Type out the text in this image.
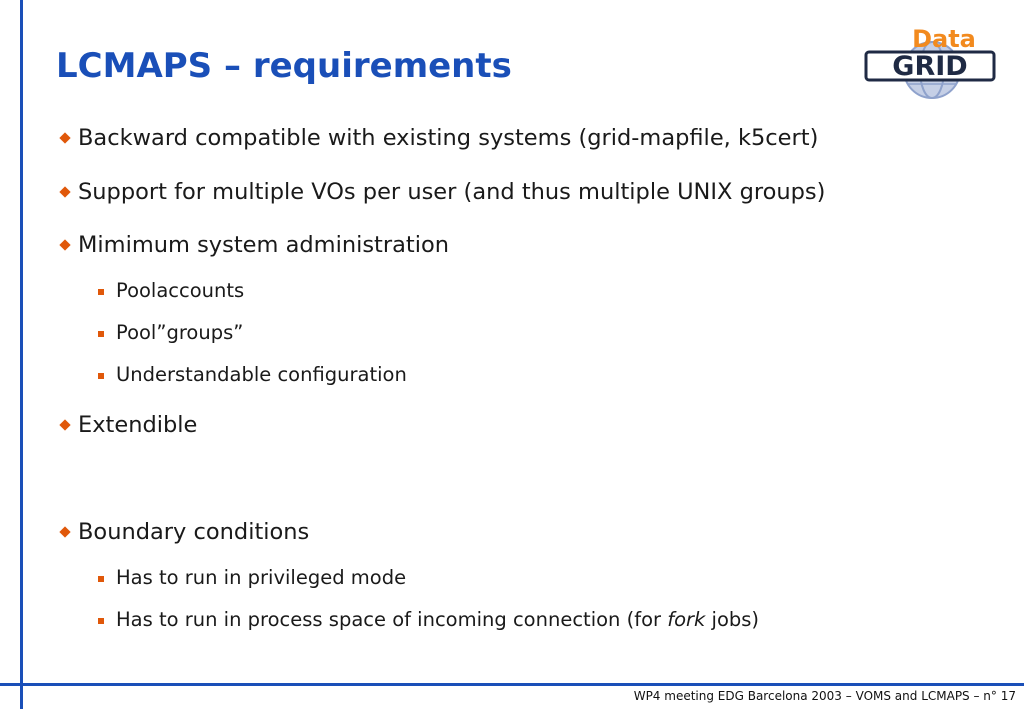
LCMAPS – requirements	GRID
Data
Backward compatible with existing systems (grid-mapfile, k5cert)
Support for multiple VOs per user (and thus multiple UNIX groups)
Mimimum system administration
Poolaccounts
Pool”groups”
Understandable configuration
Extendible
Boundary conditions
Has to run in privileged mode
Has to run in process space of incoming connection (for fork jobs)
WP4 meeting EDG Barcelona 2003 – VOMS and LCMAPS – n° 17
